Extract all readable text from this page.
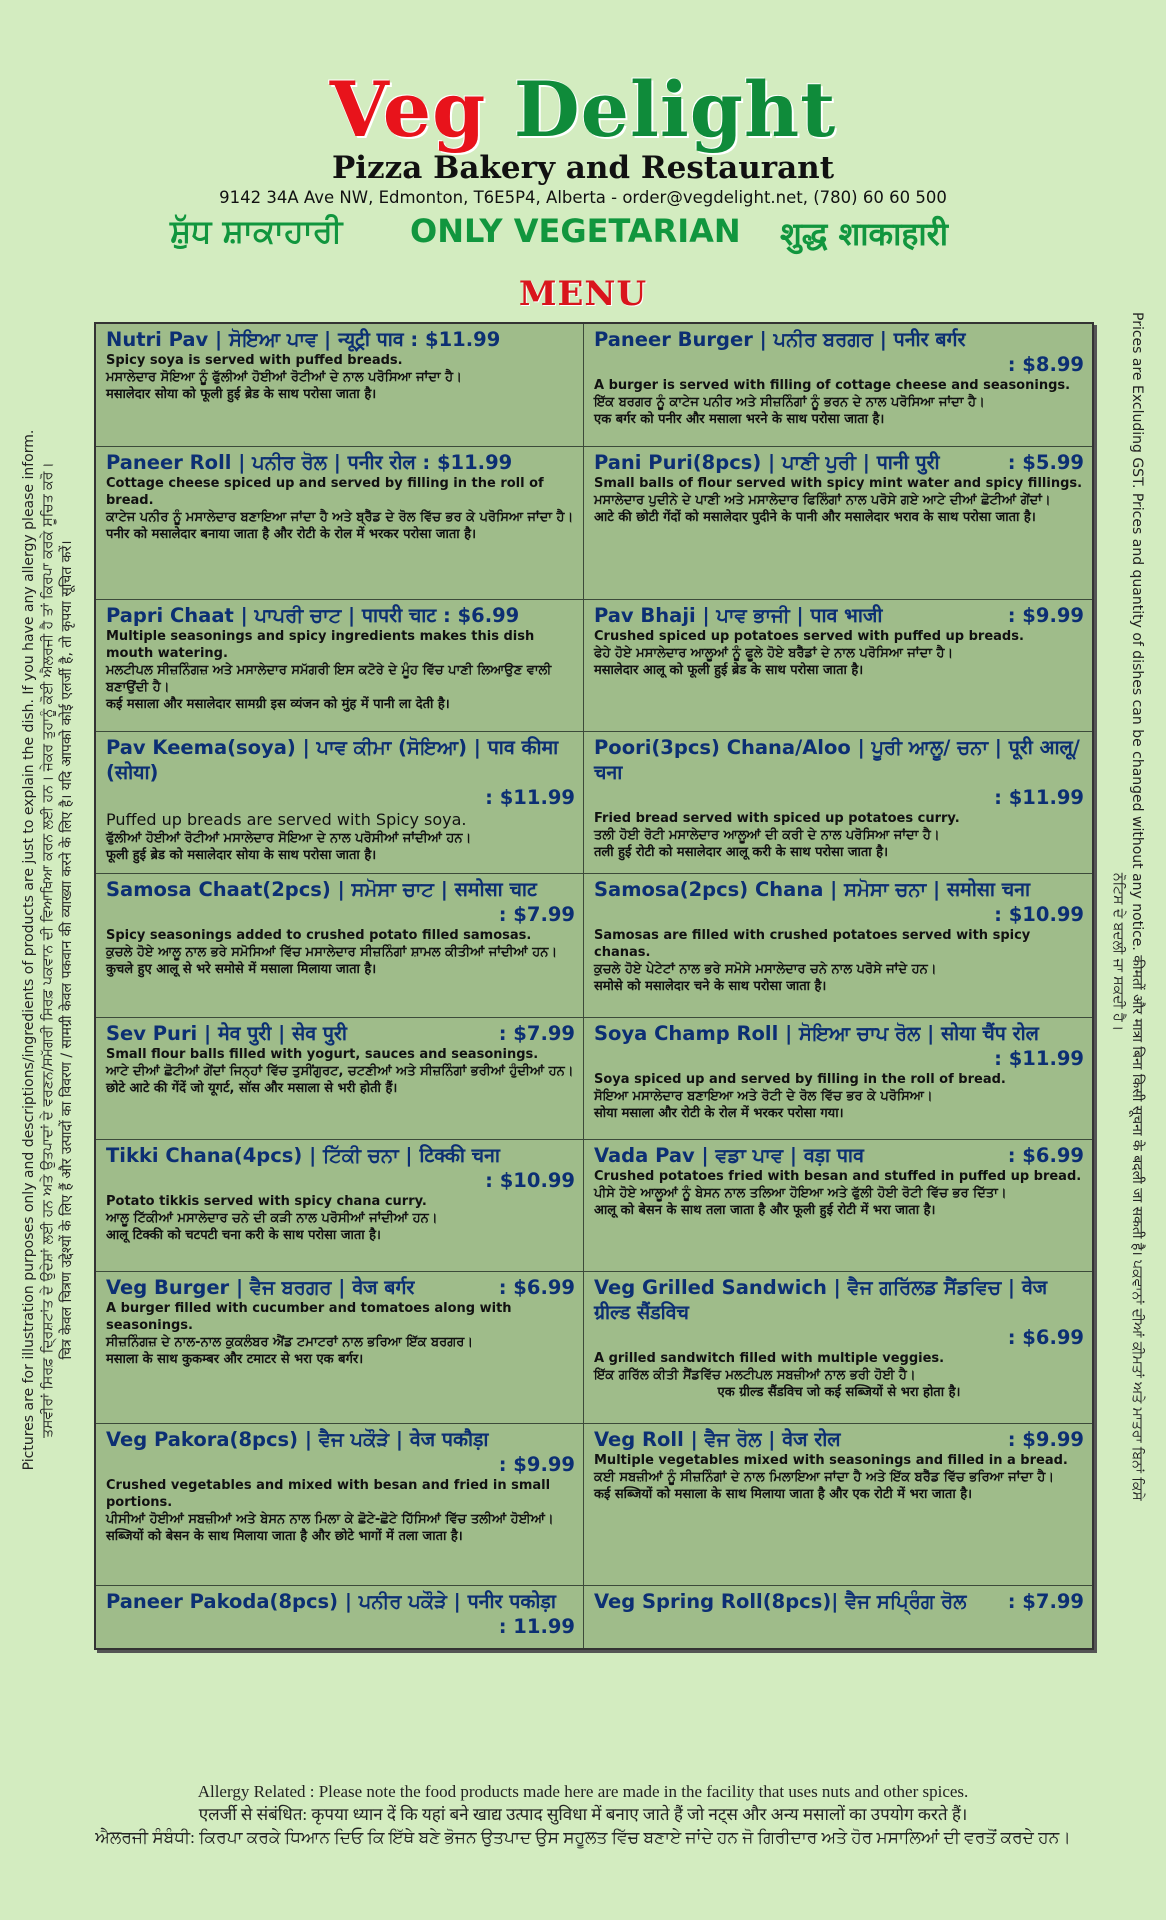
Veg Delight
Pizza Bakery and Restaurant
9142 34A Ave NW, Edmonton, T6E5P4, Alberta - order@vegdelight.net, (780) 60 60 500
ਸ਼ੁੱਧ ਸ਼ਾਕਾਹਾਰੀ ONLY VEGETARIAN शुद्ध शाकाहारी
MENU
Nutri Pav | ਸੋਇਆ ਪਾਵ | न्यूट्री पाव : $11.99
Spicy soya is served with puffed breads.
ਮਸਾਲੇਦਾਰ ਸੋਇਆ ਨੂੰ ਫੁੱਲੀਆਂ ਹੋਈਆਂ ਰੋਟੀਆਂ ਦੇ ਨਾਲ ਪਰੋਸਿਆ ਜਾਂਦਾ ਹੈ।
मसालेदार सोया को फूली हुई ब्रेड के साथ परोसा जाता है।
Paneer Roll | ਪਨੀਰ ਰੋਲ | पनीर रोल : $11.99
Cottage cheese spiced up and served by filling in the roll of bread.
ਕਾਟੇਜ ਪਨੀਰ ਨੂੰ ਮਸਾਲੇਦਾਰ ਬਣਾਇਆ ਜਾਂਦਾ ਹੈ ਅਤੇ ਬ੍ਰੈੱਡ ਦੇ ਰੋਲ ਵਿੱਚ ਭਰ ਕੇ ਪਰੋਸਿਆ ਜਾਂਦਾ ਹੈ।
पनीर को मसालेदार बनाया जाता है और रोटी के रोल में भरकर परोसा जाता है।
Papri Chaat | ਪਾਪਰੀ ਚਾਟ | पापरी चाट : $6.99
Multiple seasonings and spicy ingredients makes this dish mouth watering.
ਮਲਟੀਪਲ ਸੀਜ਼ਨਿੰਗਜ਼ ਅਤੇ ਮਸਾਲੇਦਾਰ ਸਮੱਗਰੀ ਇਸ ਕਟੋਰੇ ਦੇ ਮੂੰਹ ਵਿੱਚ ਪਾਣੀ ਲਿਆਉਣ ਵਾਲੀ ਬਣਾਉਂਦੀ ਹੈ।
कई मसाला और मसालेदार सामग्री इस व्यंजन को मुंह में पानी ला देती है।
Pav Keema(soya) | ਪਾਵ ਕੀਮਾ (ਸੋਇਆ) | पाव कीमा (सोया)
: $11.99
Puffed up breads are served with Spicy soya.
ਫੁੱਲੀਆਂ ਹੋਈਆਂ ਰੋਟੀਆਂ ਮਸਾਲੇਦਾਰ ਸੋਇਆ ਦੇ ਨਾਲ ਪਰੋਸੀਆਂ ਜਾਂਦੀਆਂ ਹਨ।
फूली हुई ब्रेड को मसालेदार सोया के साथ परोसा जाता है।
Samosa Chaat(2pcs) | ਸਮੋਸਾ ਚਾਟ | समोसा चाट
: $7.99
Spicy seasonings added to crushed potato filled samosas.
ਕੁਚਲੇ ਹੋਏ ਆਲੂ ਨਾਲ ਭਰੇ ਸਮੋਸਿਆਂ ਵਿੱਚ ਮਸਾਲੇਦਾਰ ਸੀਜ਼ਨਿੰਗਾਂ ਸ਼ਾਮਲ ਕੀਤੀਆਂ ਜਾਂਦੀਆਂ ਹਨ।
कुचले हुए आलू से भरे समोसे में मसाला मिलाया जाता है।
: $7.99
Sev Puri | मेव पुरी | सेव पुरी
Small flour balls filled with yogurt, sauces and seasonings.
ਆਟੇ ਦੀਆਂ ਛੋਟੀਆਂ ਗੇਂਦਾਂ ਜਿਨ੍ਹਾਂ ਵਿੱਚ ਤੁਸੀਂਗੁਰਟ, ਚਟਣੀਆਂ ਅਤੇ ਸੀਜ਼ਨਿੰਗਾਂ ਭਰੀਆਂ ਹੁੰਦੀਆਂ ਹਨ।
छोटे आटे की गेंदें जो यूगर्ट, सॉस और मसाला से भरी होती हैं।
Tikki Chana(4pcs) | ਟਿੱਕੀ ਚਨਾ | टिक्की चना
: $10.99
Potato tikkis served with spicy chana curry.
ਆਲੂ ਟਿੱਕੀਆਂ ਮਸਾਲੇਦਾਰ ਚਨੇ ਦੀ ਕੜੀ ਨਾਲ ਪਰੋਸੀਆਂ ਜਾਂਦੀਆਂ ਹਨ।
आलू टिक्की को चटपटी चना करी के साथ परोसा जाता है।
: $6.99
Veg Burger | ਵੈਜ ਬਰਗਰ | वेज बर्गर
A burger filled with cucumber and tomatoes along with seasonings.
ਸੀਜ਼ਨਿੰਗਜ਼ ਦੇ ਨਾਲ-ਨਾਲ ਕੁਕਲੰਬਰ ਐਂਡ ਟਮਾਟਰਾਂ ਨਾਲ ਭਰਿਆ ਇੱਕ ਬਰਗਰ।
मसाला के साथ कुकम्बर और टमाटर से भरा एक बर्गर।
Veg Pakora(8pcs) | ਵੈਜ ਪਕੌੜੇ | वेज पकौड़ा
: $9.99
Crushed vegetables and mixed with besan and fried in small portions.
ਪੀਸੀਆਂ ਹੋਈਆਂ ਸਬਜ਼ੀਆਂ ਅਤੇ ਬੇਸਨ ਨਾਲ ਮਿਲਾ ਕੇ ਛੋਟੇ-ਛੋਟੇ ਹਿੱਸਿਆਂ ਵਿੱਚ ਤਲੀਆਂ ਹੋਈਆਂ।
सब्जियों को बेसन के साथ मिलाया जाता है और छोटे भागों में तला जाता है।
Paneer Pakoda(8pcs) | ਪਨੀਰ ਪਕੌੜੇ | पनीर पकोड़ा
: 11.99
Paneer Burger | ਪਨੀਰ ਬਰਗਰ | पनीर बर्गर
: $8.99
A burger is served with filling of cottage cheese and seasonings.
ਇੱਕ ਬਰਗਰ ਨੂੰ ਕਾਟੇਜ ਪਨੀਰ ਅਤੇ ਸੀਜ਼ਨਿੰਗਾਂ ਨੂੰ ਭਰਨ ਦੇ ਨਾਲ ਪਰੋਸਿਆ ਜਾਂਦਾ ਹੈ।
एक बर्गर को पनीर और मसाला भरने के साथ परोसा जाता है।
: $5.99
Pani Puri(8pcs) | ਪਾਣੀ ਪੁਰੀ | पानी पुरी
Small balls of flour served with spicy mint water and spicy fillings.
ਮਸਾਲੇਦਾਰ ਪੁਦੀਨੇ ਦੇ ਪਾਣੀ ਅਤੇ ਮਸਾਲੇਦਾਰ ਫਿਲਿੰਗਾਂ ਨਾਲ ਪਰੋਸੇ ਗਏ ਆਟੇ ਦੀਆਂ ਛੋਟੀਆਂ ਗੇਂਦਾਂ।
आटे की छोटी गेंदों को मसालेदार पुदीने के पानी और मसालेदार भराव के साथ परोसा जाता है।
: $9.99
Pav Bhaji | ਪਾਵ ਭਾਜੀ | पाव भाजी
Crushed spiced up potatoes served with puffed up breads.
ਫੇਹੇ ਹੋਏ ਮਸਾਲੇਦਾਰ ਆਲੂਆਂ ਨੂੰ ਫੂਲੇ ਹੋਏ ਬਰੈੱਡਾਂ ਦੇ ਨਾਲ ਪਰੋਸਿਆ ਜਾਂਦਾ ਹੈ।
मसालेदार आलू को फूली हुई ब्रेड के साथ परोसा जाता है।
Poori(3pcs) Chana/Aloo | ਪੂਰੀ ਆਲੂ/ ਚਨਾ | पूरी आलू/ चना
: $11.99
Fried bread served with spiced up potatoes curry.
ਤਲੀ ਹੋਈ ਰੋਟੀ ਮਸਾਲੇਦਾਰ ਆਲੂਆਂ ਦੀ ਕਰੀ ਦੇ ਨਾਲ ਪਰੋਸਿਆ ਜਾਂਦਾ ਹੈ।
तली हुई रोटी को मसालेदार आलू करी के साथ परोसा जाता है।
Samosa(2pcs) Chana | ਸਮੋਸਾ ਚਨਾ | समोसा चना
: $10.99
Samosas are filled with crushed potatoes served with spicy chanas.
ਕੁਚਲੇ ਹੋਏ ਪੇਟੇਟਾਂ ਨਾਲ ਭਰੇ ਸਮੋਸੇ ਮਸਾਲੇਦਾਰ ਚਨੇ ਨਾਲ ਪਰੋਸੇ ਜਾਂਦੇ ਹਨ।
समोसे को मसालेदार चने के साथ परोसा जाता है।
Soya Champ Roll | ਸੋਇਆ ਚਾਪ ਰੋਲ | सोया चैंप रोल
: $11.99
Soya spiced up and served by filling in the roll of bread.
ਸੋਇਆ ਮਸਾਲੇਦਾਰ ਬਣਾਇਆ ਅਤੇ ਰੋਟੀ ਦੇ ਰੋਲ ਵਿੱਚ ਭਰ ਕੇ ਪਰੋਸਿਆ।
सोया मसाला और रोटी के रोल में भरकर परोसा गया।
: $6.99
Vada Pav | ਵਡਾ ਪਾਵ | वड़ा पाव
Crushed potatoes fried with besan and stuffed in puffed up bread.
ਪੀਸੇ ਹੋਏ ਆਲੂਆਂ ਨੂੰ ਬੇਸਨ ਨਾਲ ਤਲਿਆ ਹੋਇਆ ਅਤੇ ਫੁੱਲੀ ਹੋਈ ਰੋਟੀ ਵਿੱਚ ਭਰ ਦਿੱਤਾ।
आलू को बेसन के साथ तला जाता है और फूली हुई रोटी में भरा जाता है।
Veg Grilled Sandwich | ਵੈਜ ਗਰਿੱਲਡ ਸੈਂਡਵਿਚ | वेज ग्रील्ड सैंडविच
: $6.99
A grilled sandwitch filled with multiple veggies.
ਇੱਕ ਗਰਿੱਲ ਕੀਤੀ ਸੈਂਡਵਿੱਚ ਮਲਟੀਪਲ ਸਬਜ਼ੀਆਂ ਨਾਲ ਭਰੀ ਹੋਈ ਹੈ।
एक ग्रील्ड सैंडविच जो कई सब्जियों से भरा होता है।
: $9.99
Veg Roll | ਵੈਜ ਰੋਲ | वेज रोल
Multiple vegetables mixed with seasonings and filled in a bread.
ਕਈ ਸਬਜ਼ੀਆਂ ਨੂੰ ਸੀਜ਼ਨਿੰਗਾਂ ਦੇ ਨਾਲ ਮਿਲਾਇਆ ਜਾਂਦਾ ਹੈ ਅਤੇ ਇੱਕ ਬਰੈੱਡ ਵਿੱਚ ਭਰਿਆ ਜਾਂਦਾ ਹੈ।
कई सब्जियों को मसाला के साथ मिलाया जाता है और एक रोटी में भरा जाता है।
: $7.99
Veg Spring Roll(8pcs)| ਵੈਜ ਸਪ੍ਰਿੰਗ ਰੋਲ
Pictures are for illustration purposes only and descriptions/ingredients of products are just to explain the dish. If you have any allergy please inform. ਤਸਵੀਰਾਂ ਸਿਰਫ਼ ਦ੍ਰਿਸ਼ਟਾਂਤ ਦੇ ਉਦੇਸ਼ਾਂ ਲਈ ਹਨ ਅਤੇ ਉਤਪਾਦਾਂ ਦੇ ਵਰਣਨ/ਸਮੱਗਰੀ ਸਿਰਫ਼ ਪਕਵਾਨ ਦੀ ਵਿਆਖਿਆ ਕਰਨ ਲਈ ਹਨ। ਜੇਕਰ ਤੁਹਾਨੂੰ ਕੋਈ ਐਲਰਜੀ ਹੈ ਤਾਂ ਕਿਰਪਾ ਕਰਕੇ ਸੂਚਿਤ ਕਰੋ। चित्र केवल चित्रण उद्देश्यों के लिए हैं और उत्पादों का विवरण / सामग्री केवल पकवान की व्याख्या करने के लिए है। यदि आपको कोई एलर्जी है, तो कृपया सूचित करें।	Prices are Excluding GST. Prices and quantity of dishes can be changed without any notice. कीमतों और मात्रा बिना किसी सूचना के बदली जा सकती है। ਪਕਵਾਨਾਂ ਦੀਆਂ ਕੀਮਤਾਂ ਅਤੇ ਮਾਤਰਾ ਬਿਨਾਂ ਕਿਸੇ
ਨੋਟਿਸ ਦੇ ਬਦਲੀ ਜਾ ਸਕਦੀ ਹੈ।
Allergy Related : Please note the food products made here are made in the facility that uses nuts and other spices.
एलर्जी से संबंधित: कृपया ध्यान दें कि यहां बने खाद्य उत्पाद सुविधा में बनाए जाते हैं जो नट्स और अन्य मसालों का उपयोग करते हैं।
ਐਲਰਜੀ ਸੰਬੰਧੀ: ਕਿਰਪਾ ਕਰਕੇ ਧਿਆਨ ਦਿਓ ਕਿ ਇੱਥੇ ਬਣੇ ਭੋਜਨ ਉਤਪਾਦ ਉਸ ਸਹੂਲਤ ਵਿੱਚ ਬਣਾਏ ਜਾਂਦੇ ਹਨ ਜੋ ਗਿਰੀਦਾਰ ਅਤੇ ਹੋਰ ਮਸਾਲਿਆਂ ਦੀ ਵਰਤੋਂ ਕਰਦੇ ਹਨ।
